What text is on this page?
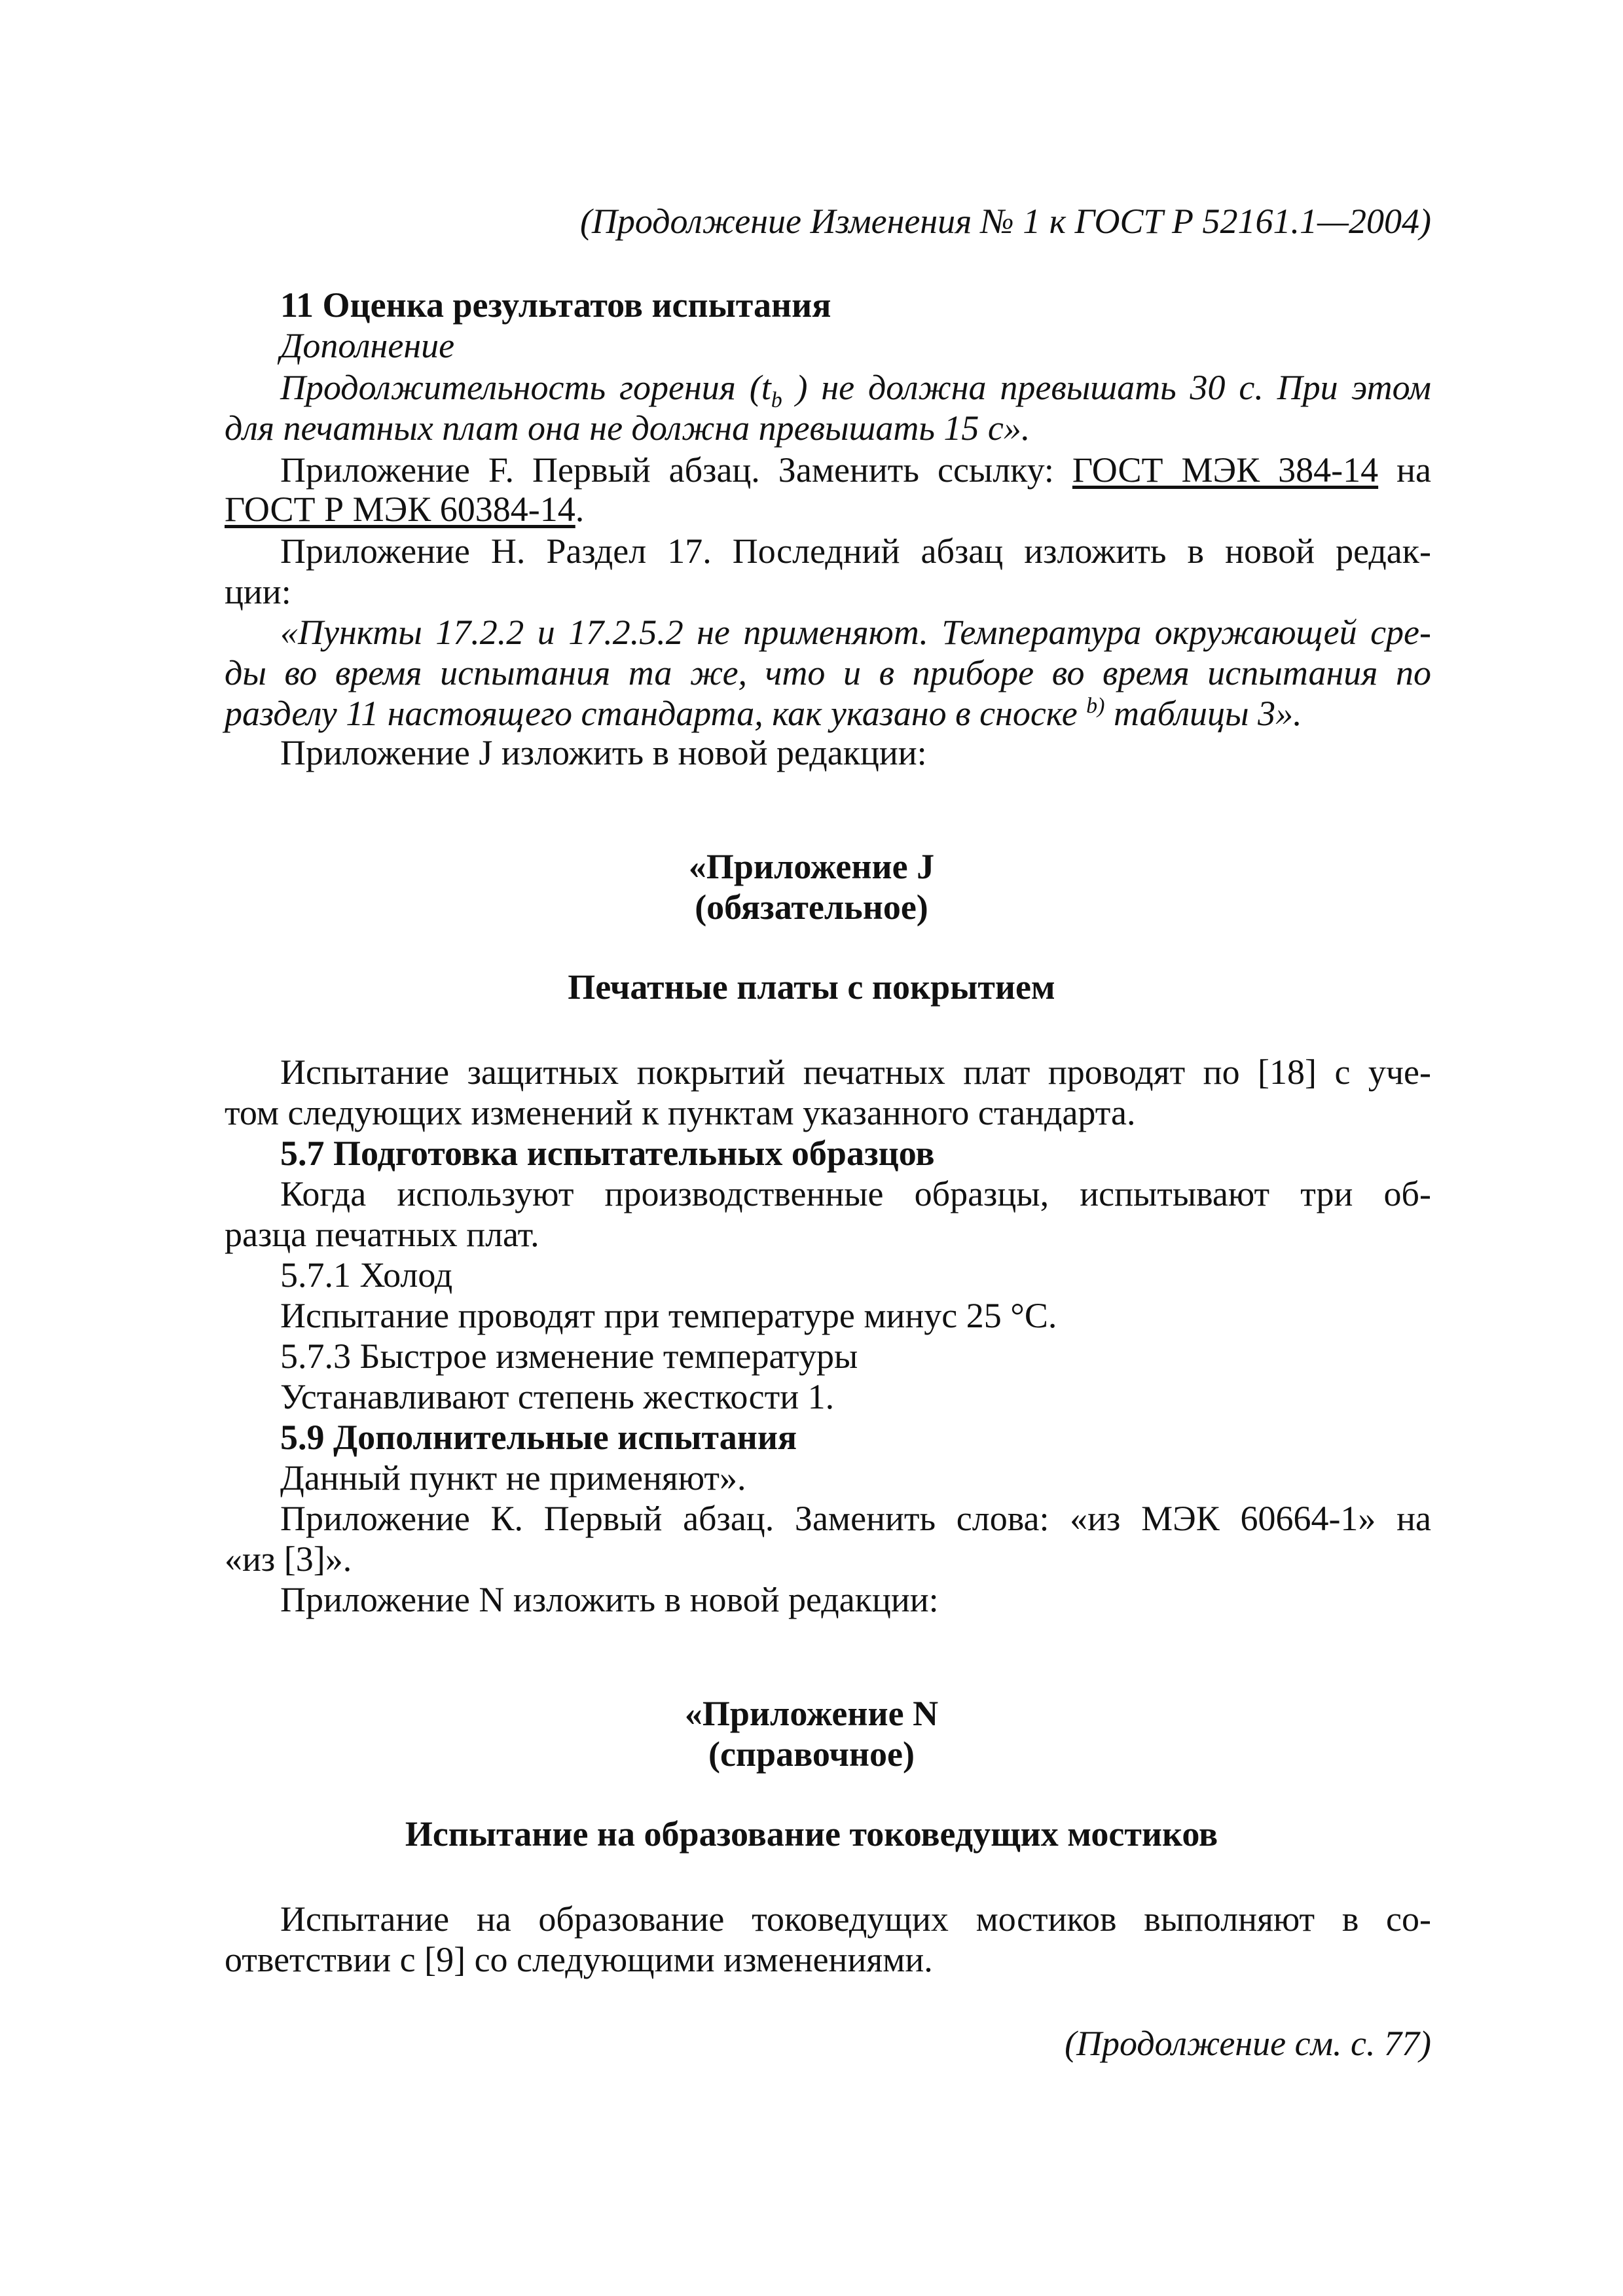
(Продолжение Изменения № 1 к ГОСТ Р 52161.1—2004)
11 Оценка результатов испытания
Дополнение
Продолжительность горения ($t_b$ ) не должна превышать 30 с. При этом
для печатных плат она не должна превышать 15 с».
Приложение F. Первый абзац. Заменить ссылку: ГОСТ МЭК 384-14 на
ГОСТ Р МЭК 60384-14.
Приложение Н. Раздел 17. Последний абзац изложить в новой редак-
ции:
«Пункты 17.2.2 и 17.2.5.2 не применяют. Температура окружающей сре-
ды во время испытания та же, что и в приборе во время испытания по
разделу 11 настоящего стандарта, как указано в сноске $^{b)}$ таблицы 3».
Приложение J изложить в новой редакции:
«Приложение J
(обязательное)
Печатные платы с покрытием
Испытание защитных покрытий печатных плат проводят по [18] с уче-
том следующих изменений к пунктам указанного стандарта.
5.7 Подготовка испытательных образцов
Когда используют производственные образцы, испытывают три об-
разца печатных плат.
5.7.1 Холод
Испытание проводят при температуре минус 25 °С.
5.7.3 Быстрое изменение температуры
Устанавливают степень жесткости 1.
5.9 Дополнительные испытания
Данный пункт не применяют».
Приложение К. Первый абзац. Заменить слова: «из МЭК 60664-1» на
«из [3]».
Приложение N изложить в новой редакции:
«Приложение N
(справочное)
Испытание на образование токоведущих мостиков
Испытание на образование токоведущих мостиков выполняют в со-
ответствии с [9] со следующими изменениями.
(Продолжение см. с. 77)
